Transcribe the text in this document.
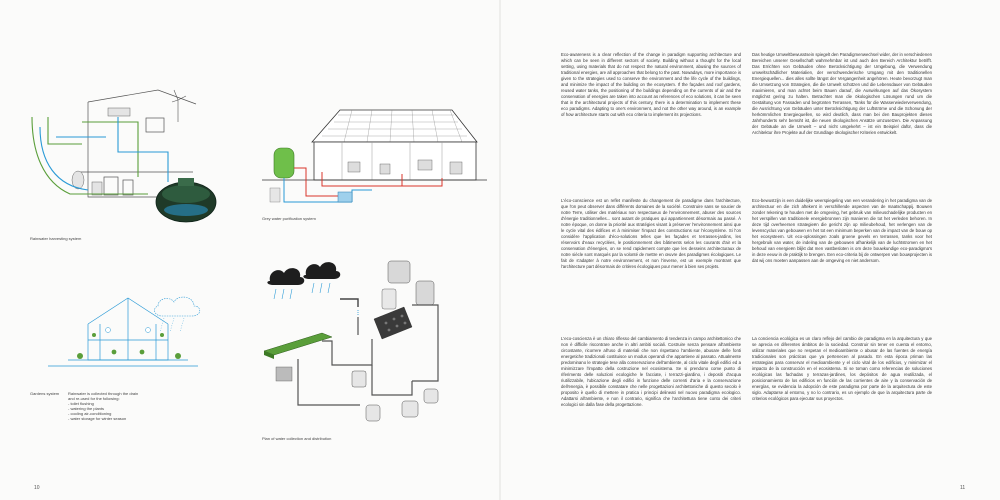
Rainwater harvesting system
Grey water purification system
Gardens system	Rainwater is collected through the drain and re-used for the following:
- toilet flushing
- watering the plants
- cooling air-conditioning
- water storage for winter season
Plan of water collection and distribution
10

Eco-awareness is a clear reflection of the change in paradigm supporting architecture and which can be seen in different sectors of society. Building without a thought for the local setting, using materials that do not respect the natural environment, abusing the sources of traditional energies, are all approaches that belong to the past. Nowadays, more importance is given to the strategies used to conserve the environment and the life cycle of the buildings, and minimize the impact of the building on the ecosystem. If the façades and roof gardens, reused water tanks, the positioning of the buildings depending on the currents of air and the conservation of energies are taken into account as references of eco solutions, it can be seen that in the architectural projects of this century, there is a determination to implement these eco paradigms. Adapting to one's environment, and not the other way around, is an example of how architecture starts out with eco criteria to implement its projections.

Das heutige Umweltbewusstsein spiegelt den Paradigmenwechsel wider, der in verschiedenen Bereichen unserer Gesellschaft wahrnehmbar ist und auch den Bereich Architektur betrifft. Das Errichten von Gebäuden ohne Berücksichtigung der Umgebung, die Verwendung umweltschädlicher Materialien, der verschwenderische Umgang mit den traditionellen Energiequellen... dies alles sollte längst der Vergangenheit angehören. Heute bevorzugt man die Umsetzung von Strategien, die die Umwelt schützen und die Lebensdauer von Gebäuden maximieren, und man achtet beim Bauen darauf, die Auswirkungen auf das Ökosystem möglichst gering zu halten. Betrachtet man die ökologischen Lösungen rund um die Gestaltung von Fassaden und begrünten Terrassen, Tanks für die Wasserwiederverwendung, die Ausrichtung von Gebäuden unter Berücksichtigung der Luftströme und die Schonung der herkömmlichen Energiequellen, so wird deutlich, dass man bei den Bauprojekten dieses Jahrhunderts sehr bemüht ist, die neuen ökologischen Ansätze umzusetzen. Die Anpassung der Gebäude an die Umwelt – und nicht umgekehrt – ist ein Beispiel dafür, dass die Architektur ihre Projekte auf der Grundlage ökologischer Kriterien entwickelt.

L'éco-conscience est un reflet manifeste du changement de paradigme dans l'architecture, que l'on peut observer dans différents domaines de la société. Construire sans se soucier de notre Terre, utiliser des matériaux non respectueux de l'environnement, abuser des sources d'énergie traditionnelles... sont autant de pratiques qui appartiennent désormais au passé. À notre époque, on donne la priorité aux stratégies visant à préserver l'environnement ainsi que le cycle vital des édifices et à minimiser l'impact des constructions sur l'écosystème. Si l'on considère l'application d'éco-solutions telles que les façades et terrasses-jardins, les réservoirs d'eaux recyclées, le positionnement des bâtiments selon les courants d'air et la conservation d'énergies, on se rend rapidement compte que les desseins architecturaux de notre siècle sont marqués par la volonté de mettre en œuvre des paradigmes écologiques. Le fait de s'adapter à notre environnement, et non l'inverse, est un exemple montrant que l'architecture part désormais de critères écologiques pour mener à bien ses projets.

Eco-bewustzijn is een duidelijke weerspiegeling van een verandering in het paradigma van de architectuur en die zich aftekent in verschillende aspecten van de maatschappij. Bouwen zonder rekening te houden met de omgeving, het gebruik van milieuschadelijke producten en het verspillen van traditionele energiebronnen zijn manieren die tot het verleden behoren. In deze tijd overheersen strategieën die gericht zijn op milieubehoud, het verlengen van de levenscyclus van gebouwen en het tot een minimum beperken van de impact van de bouw op het ecosysteem. Uit eco-oplossingen zoals groene gevels en terrassen, tanks voor het hergebruik van water, de indeling van de gebouwen afhankelijk van de luchtstromen en het behoud van energieën blijkt dat men vastbesloten is om deze bouwkundige eco-paradigma's in deze eeuw in de praktijk te brengen. Een eco-criteria bij de ontwerpen van bouwprojecten is dat wij ons moeten aanpassen aan de omgeving en niet andersom.

L'eco-coscienza è un chiaro riflesso del cambiamento di tendenza in campo architettonico che non è difficile riscontrare anche in altri ambiti sociali. Costruire senza pensare all'ambiente circostante, ricorrere all'uso di materiali che non rispettano l'ambiente, abusare delle fonti energetiche tradizionali costituisce un modus operandi che appartiene al passato. Attualmente predominano le strategie tese alla conservazione dell'ambiente, al ciclo vitale degli edifici ed a minimizzare l'impatto della costruzione nel ecosistema. Se si prendono come punto di riferimento delle soluzioni ecologiche le facciate, i terrazzi-giardino, i depositi d'acqua riutilizzabile, l'ubicazione degli edifici in funzione delle correnti d'aria e la conservazione dell'energia, è possibile constatare che nelle progettazioni architettoniche di questo secolo è proposito è quello di mettere in pratica i principi delineati nel nuovo paradigma ecologico. Adattarsi all'ambiente, e non il contrario, significa che l'architettura tiene conto dei criteri ecologici sin dalla fase della progettazione.

La conciencia ecológica es un claro reflejo del cambio de paradigma en la arquitectura y que se aprecia en diferentes ámbitos de la sociedad. Construir sin tener en cuenta el entorno, utilizar materiales que no respetan el medioambiente o abusar de las fuentes de energía tradicionales son prácticas que ya pertenecen al pasado. En esta época priman las estrategias para conservar el medioambiente y el ciclo vital de los edificios, y minimizar el impacto de la construcción en el ecosistema. Si se toman como referencias de soluciones ecológicas las fachadas y terrazas-jardines, los depósitos de agua reutilizada, el posicionamiento de los edificios en función de las corrientes de aire y la conservación de energías, se evidencia la adopción de este paradigma por parte de la arquitectura de este siglo. Adaptarse al entorno, y no lo contrario, es un ejemplo de que la arquitectura parte de criterios ecológicos para ejecutar sus proyectos.

11
